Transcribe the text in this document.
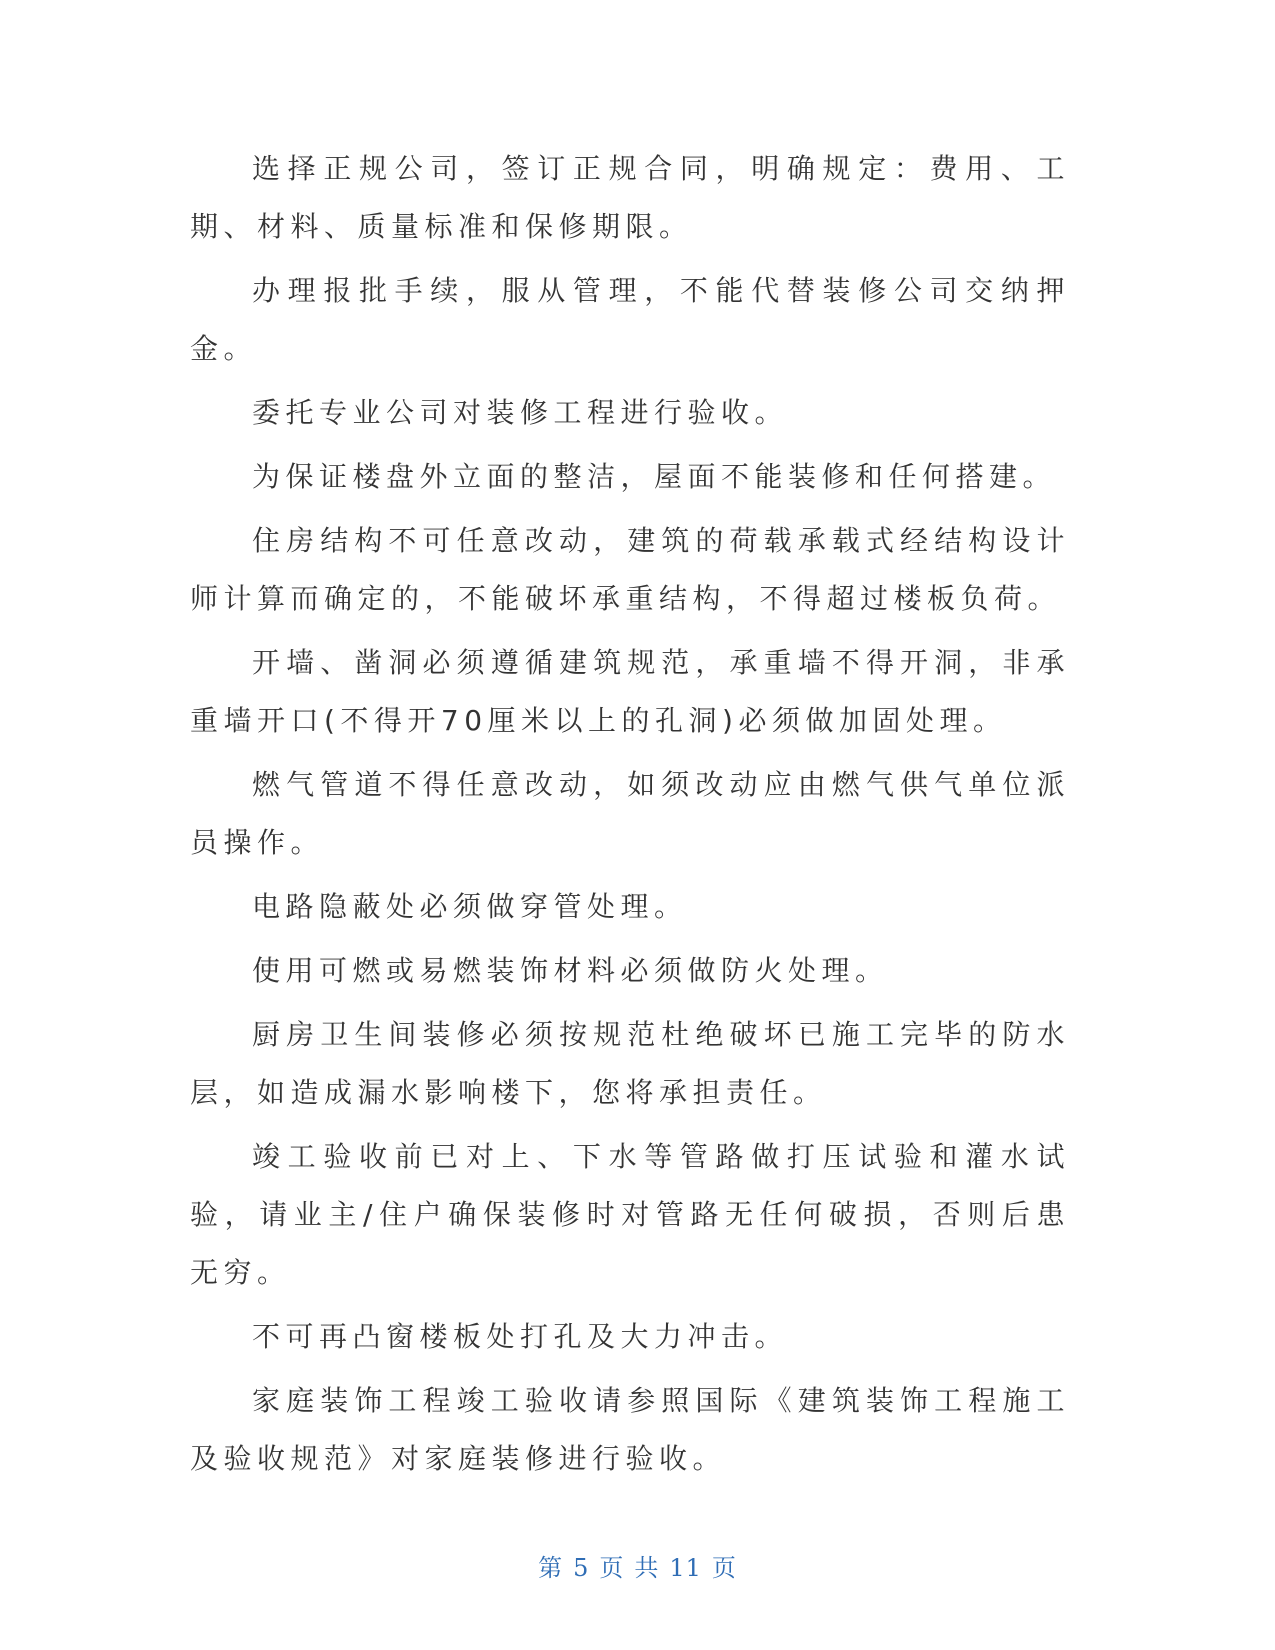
选择正规公司，签订正规合同，明确规定：费用、工期、材料、质量标准和保修期限。

办理报批手续，服从管理，不能代替装修公司交纳押金。

委托专业公司对装修工程进行验收。

为保证楼盘外立面的整洁，屋面不能装修和任何搭建。

住房结构不可任意改动，建筑的荷载承载式经结构设计师计算而确定的，不能破坏承重结构，不得超过楼板负荷。

开墙、凿洞必须遵循建筑规范，承重墙不得开洞，非承重墙开口(不得开70厘米以上的孔洞)必须做加固处理。

燃气管道不得任意改动，如须改动应由燃气供气单位派员操作。

电路隐蔽处必须做穿管处理。

使用可燃或易燃装饰材料必须做防火处理。

厨房卫生间装修必须按规范杜绝破坏已施工完毕的防水层，如造成漏水影响楼下，您将承担责任。

竣工验收前已对上、下水等管路做打压试验和灌水试验，请业主/住户确保装修时对管路无任何破损，否则后患无穷。

不可再凸窗楼板处打孔及大力冲击。

家庭装饰工程竣工验收请参照国际《建筑装饰工程施工及验收规范》对家庭装修进行验收。

第 5 页 共 11 页
